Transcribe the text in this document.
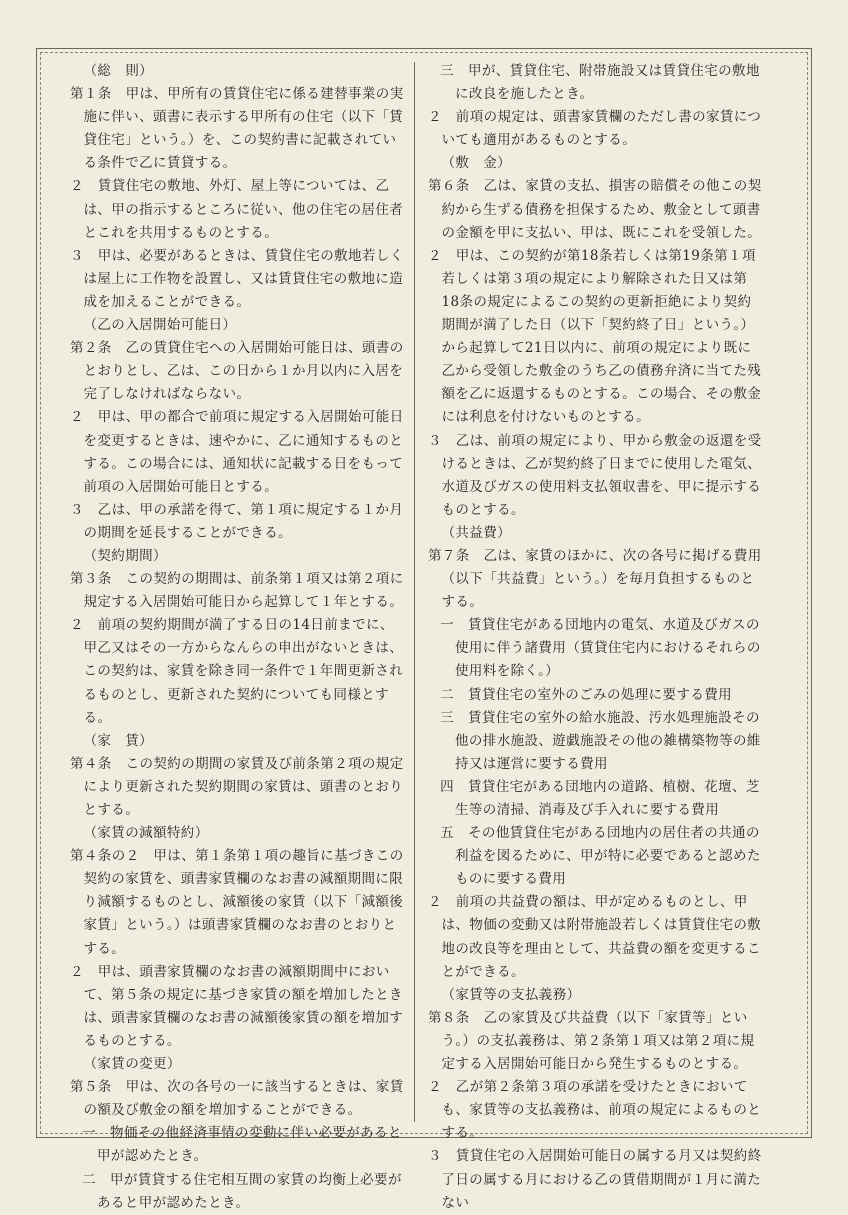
（総　則）

第１条　甲は、甲所有の賃貸住宅に係る建替事業の実施に伴い、頭書に表示する甲所有の住宅（以下「賃貸住宅」という。）を、この契約書に記載されている条件で乙に賃貸する。

２　賃貸住宅の敷地、外灯、屋上等については、乙は、甲の指示するところに従い、他の住宅の居住者とこれを共用するものとする。

３　甲は、必要があるときは、賃貸住宅の敷地若しくは屋上に工作物を設置し、又は賃貸住宅の敷地に造成を加えることができる。

（乙の入居開始可能日）

第２条　乙の賃貸住宅への入居開始可能日は、頭書のとおりとし、乙は、この日から１か月以内に入居を完了しなければならない。

２　甲は、甲の都合で前項に規定する入居開始可能日を変更するときは、速やかに、乙に通知するものとする。この場合には、通知状に記載する日をもって前項の入居開始可能日とする。

３　乙は、甲の承諾を得て、第１項に規定する１か月の期間を延長することができる。

（契約期間）

第３条　この契約の期間は、前条第１項又は第２項に規定する入居開始可能日から起算して１年とする。

２　前項の契約期間が満了する日の14日前までに、甲乙又はその一方からなんらの申出がないときは、この契約は、家賃を除き同一条件で１年間更新されるものとし、更新された契約についても同様とする。

（家　賃）

第４条　この契約の期間の家賃及び前条第２項の規定により更新された契約期間の家賃は、頭書のとおりとする。

（家賃の減額特約）

第４条の２　甲は、第１条第１項の趣旨に基づきこの契約の家賃を、頭書家賃欄のなお書の減額期間に限り減額するものとし、減額後の家賃（以下「減額後家賃」という。）は頭書家賃欄のなお書のとおりとする。

２　甲は、頭書家賃欄のなお書の減額期間中において、第５条の規定に基づき家賃の額を増加したときは、頭書家賃欄のなお書の減額後家賃の額を増加するものとする。

（家賃の変更）

第５条　甲は、次の各号の一に該当するときは、家賃の額及び敷金の額を増加することができる。

一　物価その他経済事情の変動に伴い必要があると甲が認めたとき。

二　甲が賃貸する住宅相互間の家賃の均衡上必要があると甲が認めたとき。

三　甲が、賃貸住宅、附帯施設又は賃貸住宅の敷地に改良を施したとき。

２　前項の規定は、頭書家賃欄のただし書の家賃についても適用があるものとする。

（敷　金）

第６条　乙は、家賃の支払、損害の賠償その他この契約から生ずる債務を担保するため、敷金として頭書の金額を甲に支払い、甲は、既にこれを受領した。

２　甲は、この契約が第18条若しくは第19条第１項若しくは第３項の規定により解除された日又は第18条の規定によるこの契約の更新拒絶により契約期間が満了した日（以下「契約終了日」という。）から起算して21日以内に、前項の規定により既に乙から受領した敷金のうち乙の債務弁済に当てた残額を乙に返還するものとする。この場合、その敷金には利息を付けないものとする。

３　乙は、前項の規定により、甲から敷金の返還を受けるときは、乙が契約終了日までに使用した電気、水道及びガスの使用料支払領収書を、甲に提示するものとする。

（共益費）

第７条　乙は、家賃のほかに、次の各号に掲げる費用（以下「共益費」という。）を毎月負担するものとする。

一　賃貸住宅がある団地内の電気、水道及びガスの使用に伴う諸費用（賃貸住宅内におけるそれらの使用料を除く。）

二　賃貸住宅の室外のごみの処理に要する費用

三　賃貸住宅の室外の給水施設、汚水処理施設その他の排水施設、遊戯施設その他の雑構築物等の維持又は運営に要する費用

四　賃貸住宅がある団地内の道路、植樹、花壇、芝生等の清掃、消毒及び手入れに要する費用

五　その他賃貸住宅がある団地内の居住者の共通の利益を図るために、甲が特に必要であると認めたものに要する費用

２　前項の共益費の額は、甲が定めるものとし、甲は、物価の変動又は附帯施設若しくは賃貸住宅の敷地の改良等を理由として、共益費の額を変更することができる。

（家賃等の支払義務）

第８条　乙の家賃及び共益費（以下「家賃等」という。）の支払義務は、第２条第１項又は第２項に規定する入居開始可能日から発生するものとする。

２　乙が第２条第３項の承諾を受けたときにおいても、家賃等の支払義務は、前項の規定によるものとする。

３　賃貸住宅の入居開始可能日の属する月又は契約終了日の属する月における乙の賃借期間が１月に満たない
